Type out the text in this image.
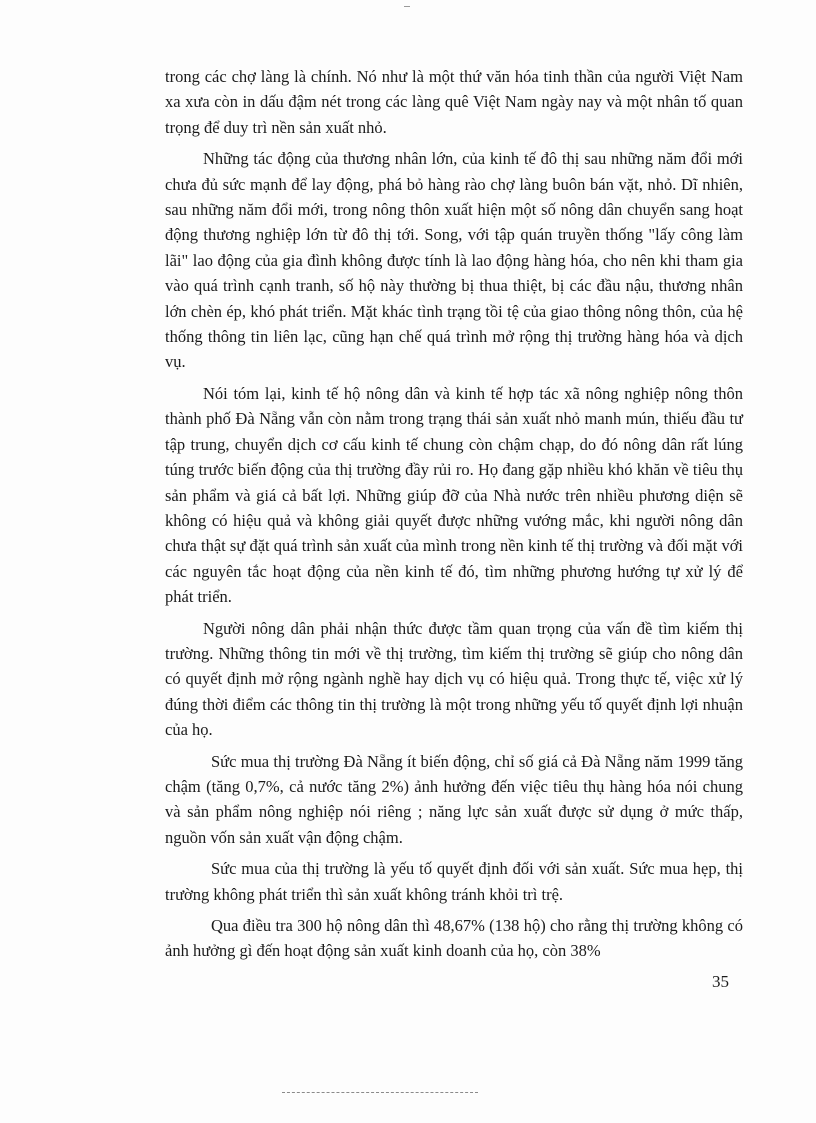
trong các chợ làng là chính. Nó như là một thứ văn hóa tinh thần của người Việt Nam xa xưa còn in dấu đậm nét trong các làng quê Việt Nam ngày nay và một nhân tố quan trọng để duy trì nền sản xuất nhỏ.

Những tác động của thương nhân lớn, của kinh tế đô thị sau những năm đổi mới chưa đủ sức mạnh để lay động, phá bỏ hàng rào chợ làng buôn bán vặt, nhỏ. Dĩ nhiên, sau những năm đổi mới, trong nông thôn xuất hiện một số nông dân chuyển sang hoạt động thương nghiệp lớn từ đô thị tới. Song, với tập quán truyền thống "lấy công làm lãi" lao động của gia đình không được tính là lao động hàng hóa, cho nên khi tham gia vào quá trình cạnh tranh, số hộ này thường bị thua thiệt, bị các đầu nậu, thương nhân lớn chèn ép, khó phát triển. Mặt khác tình trạng tồi tệ của giao thông nông thôn, của hệ thống thông tin liên lạc, cũng hạn chế quá trình mở rộng thị trường hàng hóa và dịch vụ.

Nói tóm lại, kinh tế hộ nông dân và kinh tế hợp tác xã nông nghiệp nông thôn thành phố Đà Nẵng vẫn còn nằm trong trạng thái sản xuất nhỏ manh mún, thiếu đầu tư tập trung, chuyển dịch cơ cấu kinh tế chung còn chậm chạp, do đó nông dân rất lúng túng trước biến động của thị trường đầy rủi ro. Họ đang gặp nhiều khó khăn về tiêu thụ sản phẩm và giá cả bất lợi. Những giúp đỡ của Nhà nước trên nhiều phương diện sẽ không có hiệu quả và không giải quyết được những vướng mắc, khi người nông dân chưa thật sự đặt quá trình sản xuất của mình trong nền kinh tế thị trường và đối mặt với các nguyên tắc hoạt động của nền kinh tế đó, tìm những phương hướng tự xử lý để phát triển.

Người nông dân phải nhận thức được tầm quan trọng của vấn đề tìm kiếm thị trường. Những thông tin mới về thị trường, tìm kiếm thị trường sẽ giúp cho nông dân có quyết định mở rộng ngành nghề hay dịch vụ có hiệu quả. Trong thực tế, việc xử lý đúng thời điểm các thông tin thị trường là một trong những yếu tố quyết định lợi nhuận của họ.

Sức mua thị trường Đà Nẵng ít biến động, chỉ số giá cả Đà Nẵng năm 1999 tăng chậm (tăng 0,7%, cả nước tăng 2%) ảnh hưởng đến việc tiêu thụ hàng hóa nói chung và sản phẩm nông nghiệp nói riêng ; năng lực sản xuất được sử dụng ở mức thấp, nguồn vốn sản xuất vận động chậm.

Sức mua của thị trường là yếu tố quyết định đối với sản xuất. Sức mua hẹp, thị trường không phát triển thì sản xuất không tránh khỏi trì trệ.

Qua điều tra 300 hộ nông dân thì 48,67% (138 hộ) cho rằng thị trường không có ảnh hưởng gì đến hoạt động sản xuất kinh doanh của họ, còn 38%

35
